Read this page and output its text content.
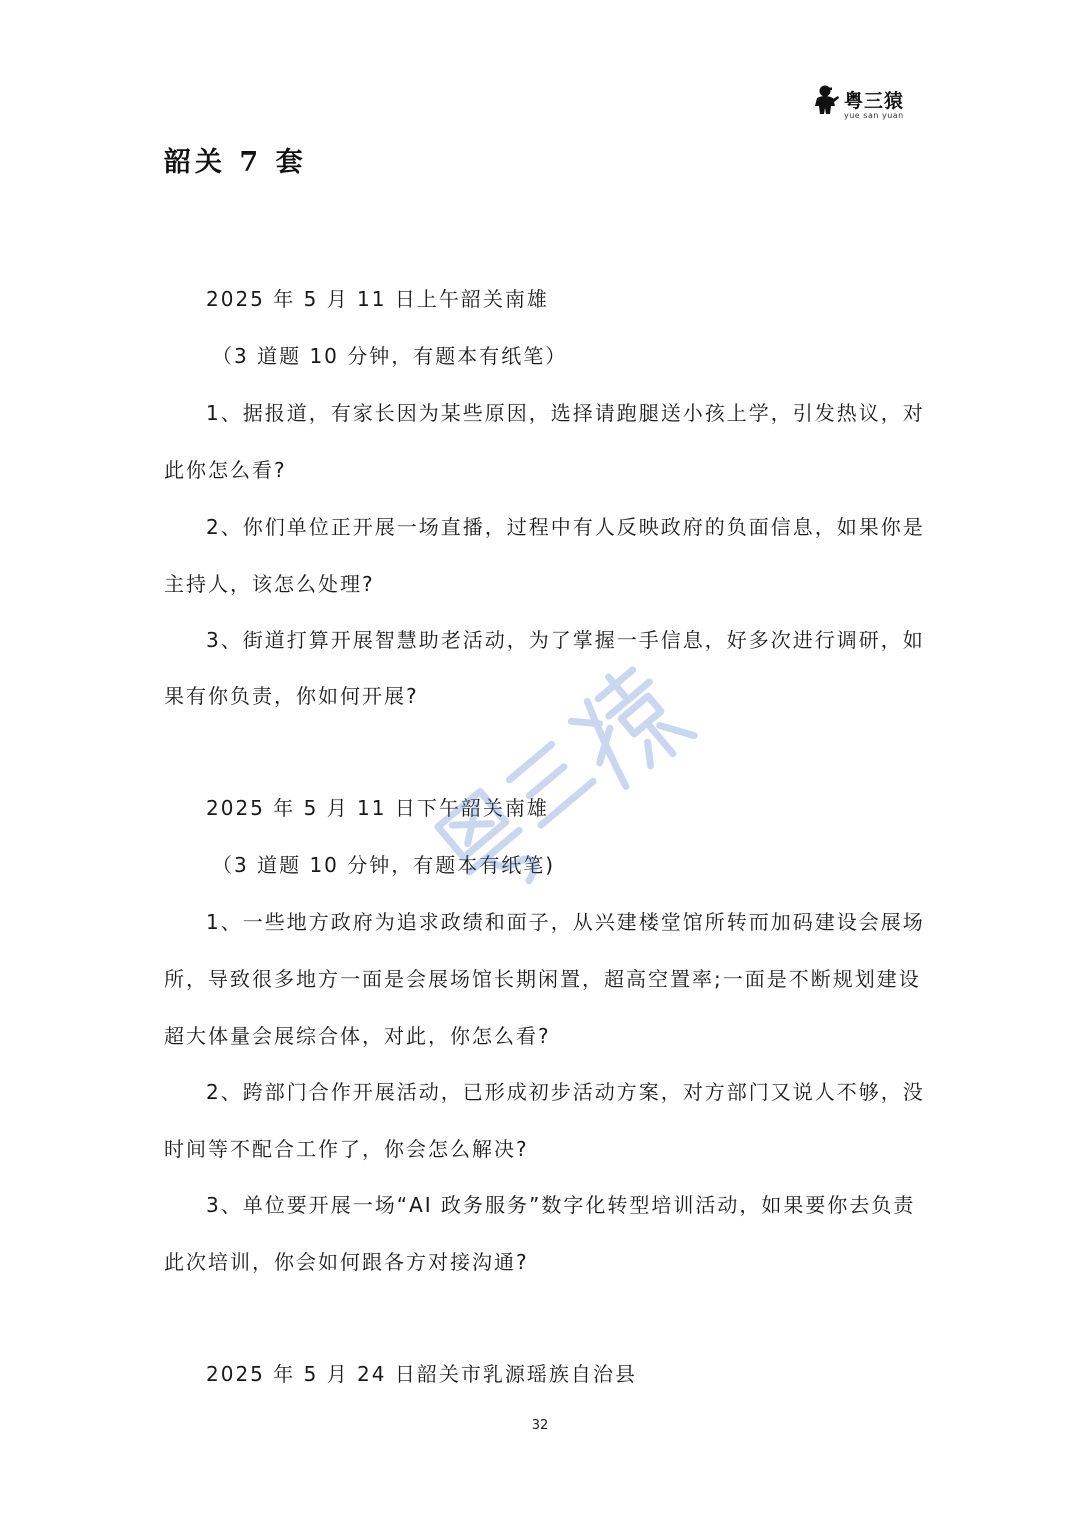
粤三猿
yue san yuan
韶关 7 套
2025 年 5 月 11 日上午韶关南雄
（3 道题 10 分钟，有题本有纸笔）
1、据报道，有家长因为某些原因，选择请跑腿送小孩上学，引发热议，对
此你怎么看?
2、你们单位正开展一场直播，过程中有人反映政府的负面信息，如果你是
主持人，该怎么处理?
3、街道打算开展智慧助老活动，为了掌握一手信息，好多次进行调研，如
果有你负责，你如何开展?
2025 年 5 月 11 日下午韶关南雄
（3 道题 10 分钟，有题本有纸笔)
1、一些地方政府为追求政绩和面子，从兴建楼堂馆所转而加码建设会展场
所，导致很多地方一面是会展场馆长期闲置，超高空置率;一面是不断规划建设
超大体量会展综合体，对此，你怎么看?
2、跨部门合作开展活动，已形成初步活动方案，对方部门又说人不够，没
时间等不配合工作了，你会怎么解决?
3、单位要开展一场“AI 政务服务”数字化转型培训活动，如果要你去负责
此次培训，你会如何跟各方对接沟通?
2025 年 5 月 24 日韶关市乳源瑶族自治县
32
